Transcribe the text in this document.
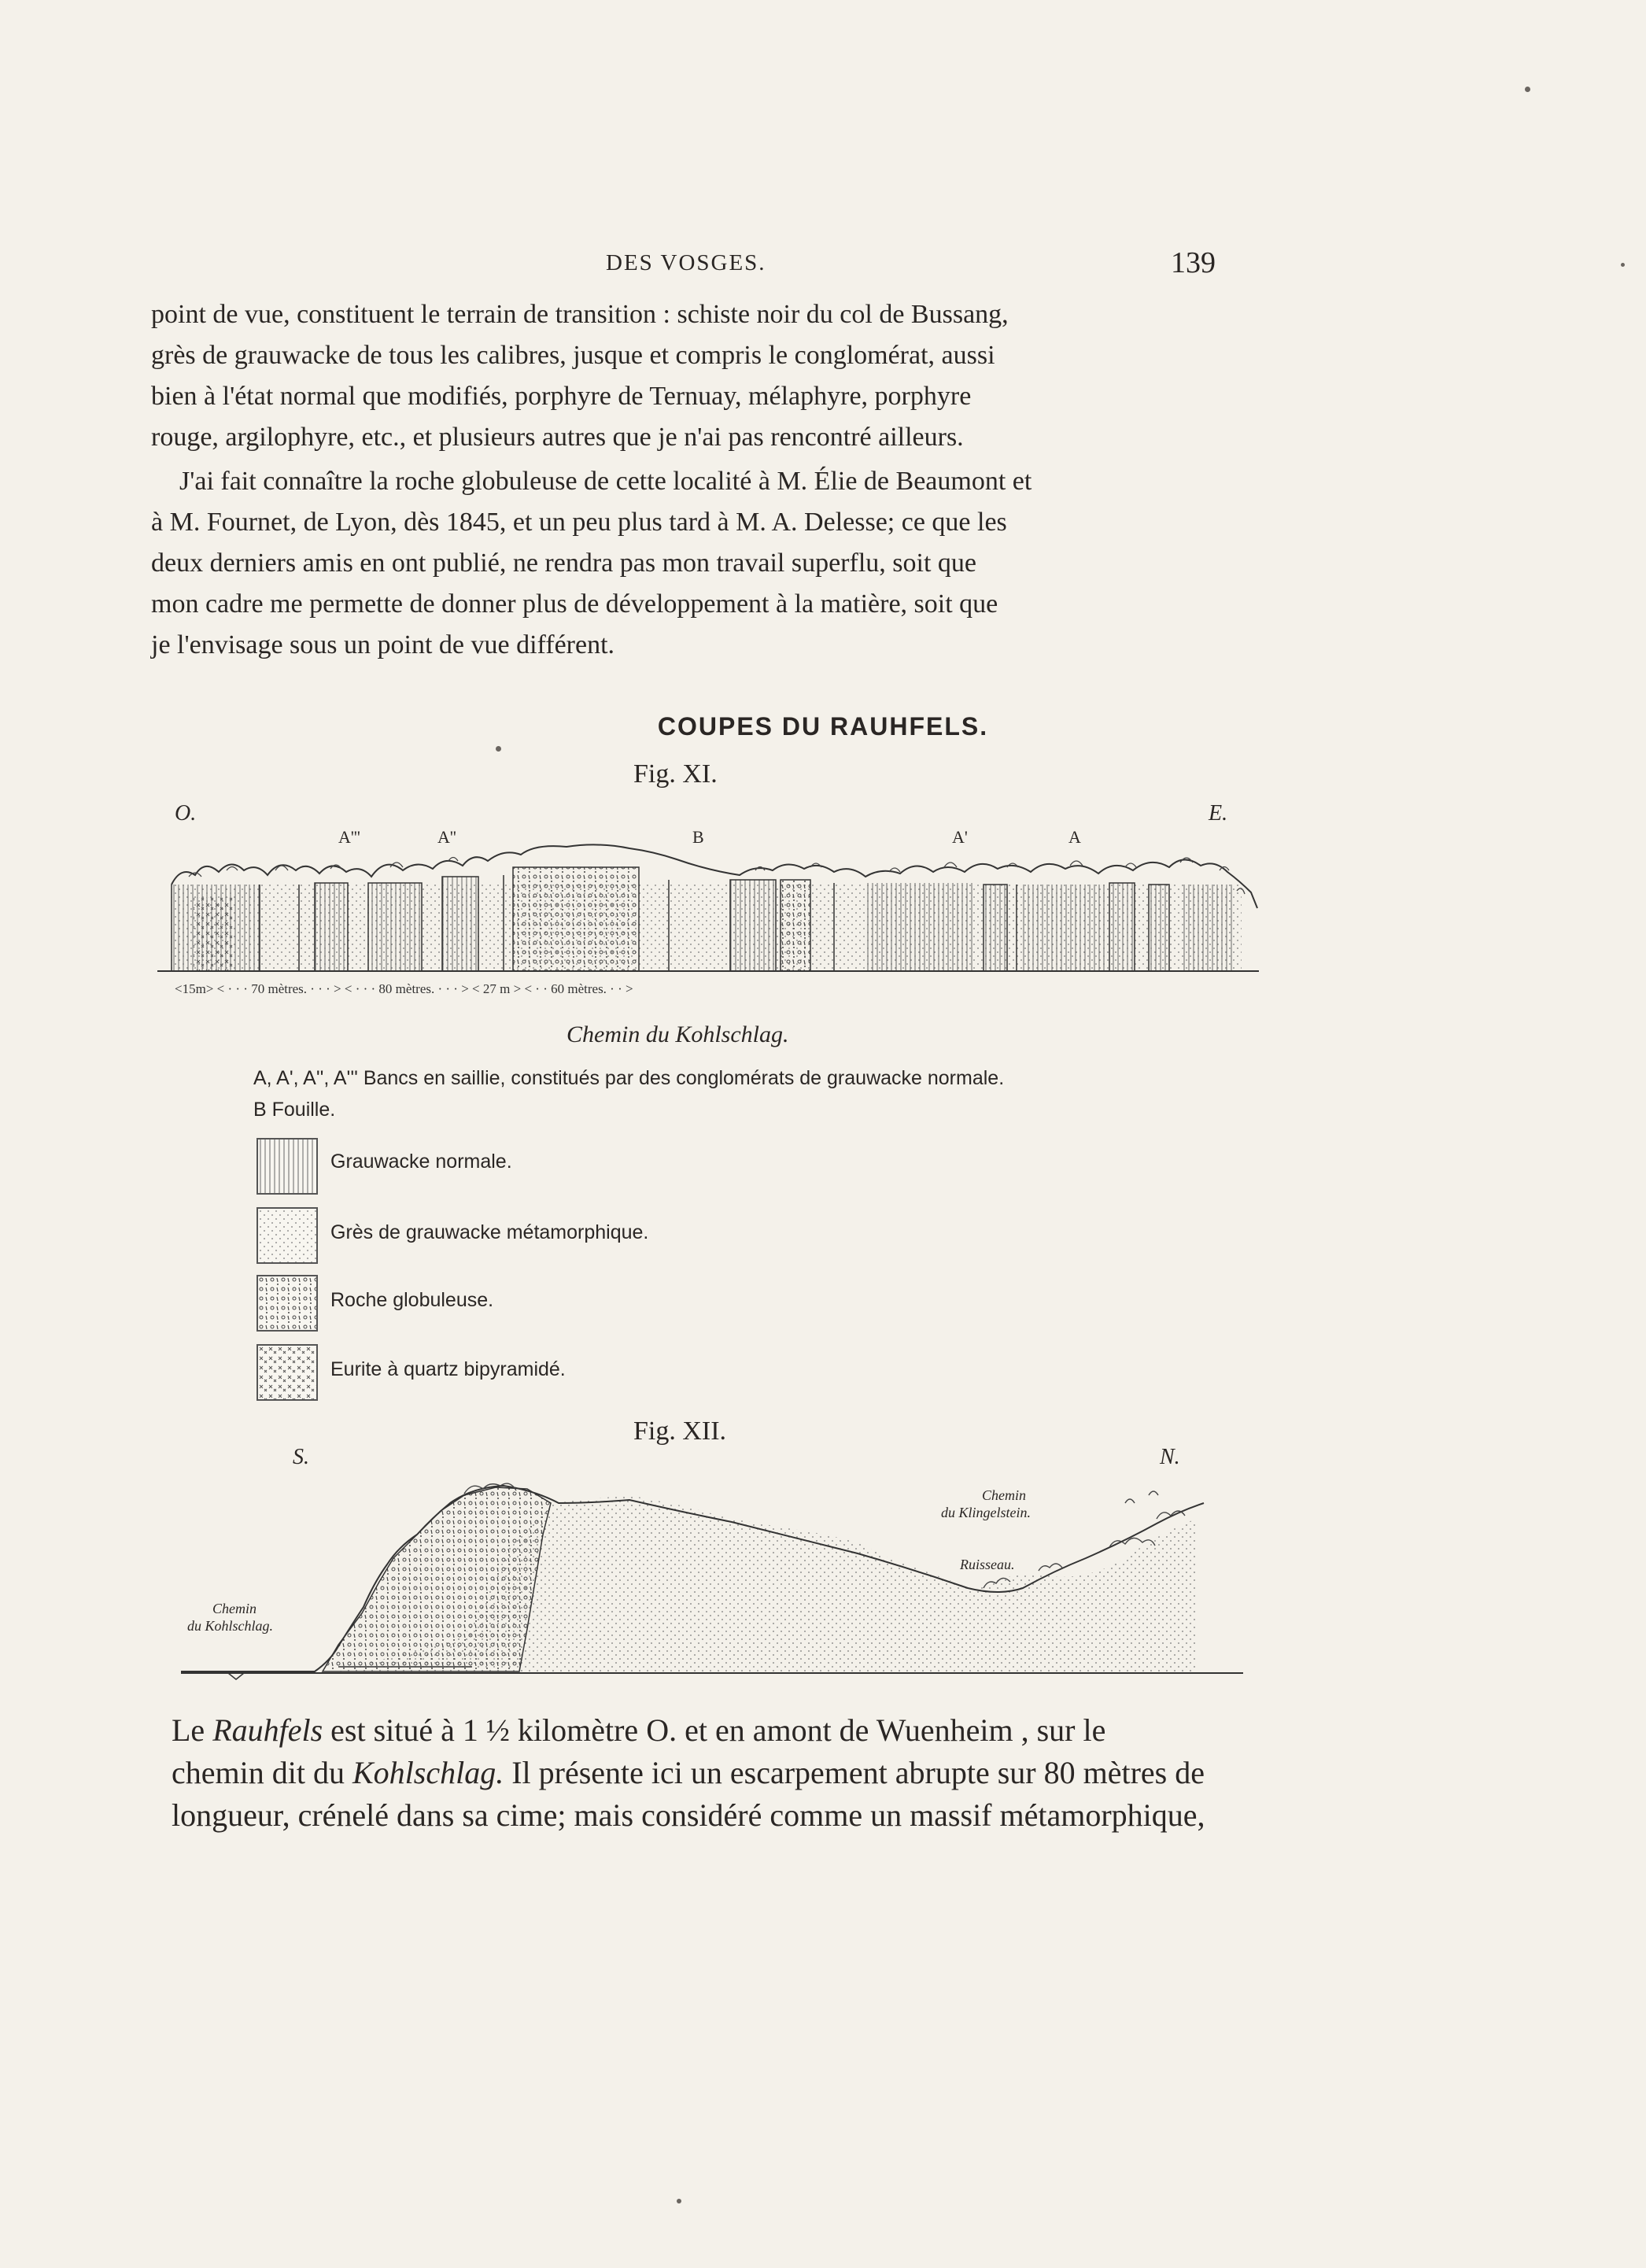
DES VOSGES.	139
point de vue, constituent le terrain de transition : schiste noir du col de Bussang,
grès de grauwacke de tous les calibres, jusque et compris le conglomérat, aussi
bien à l'état normal que modifiés, porphyre de Ternuay, mélaphyre, porphyre
rouge, argilophyre, etc., et plusieurs autres que je n'ai pas rencontré ailleurs.
J'ai fait connaître la roche globuleuse de cette localité à M. Élie de Beaumont et
à M. Fournet, de Lyon, dès 1845, et un peu plus tard à M. A. Delesse; ce que les
deux derniers amis en ont publié, ne rendra pas mon travail superflu, soit que
mon cadre me permette de donner plus de développement à la matière, soit que
je l'envisage sous un point de vue différent.
COUPES DU RAUHFELS.
Fig. XI.
O.	E.
A'''	A''	B	A'	A
<15m> < · · · 70 mètres. · · · > < · · · 80 mètres. · · · > < 27 m > < · · 60 mètres. · · >
Chemin du Kohlschlag.
A, A', A'', A''' Bancs en saillie, constitués par des conglomérats de grauwacke normale.
B Fouille.
Grauwacke normale.
Grès de grauwacke métamorphique.
Roche globuleuse.
Eurite à quartz bipyramidé.
Fig. XII.
S.	N.
Chemin
du Kohlschlag.
Chemin
du Klingelstein.
Ruisseau.
Le Rauhfels est situé à 1 ½ kilomètre O. et en amont de Wuenheim , sur le
chemin dit du Kohlschlag. Il présente ici un escarpement abrupte sur 80 mètres de
longueur, crénelé dans sa cime; mais considéré comme un massif métamorphique,
